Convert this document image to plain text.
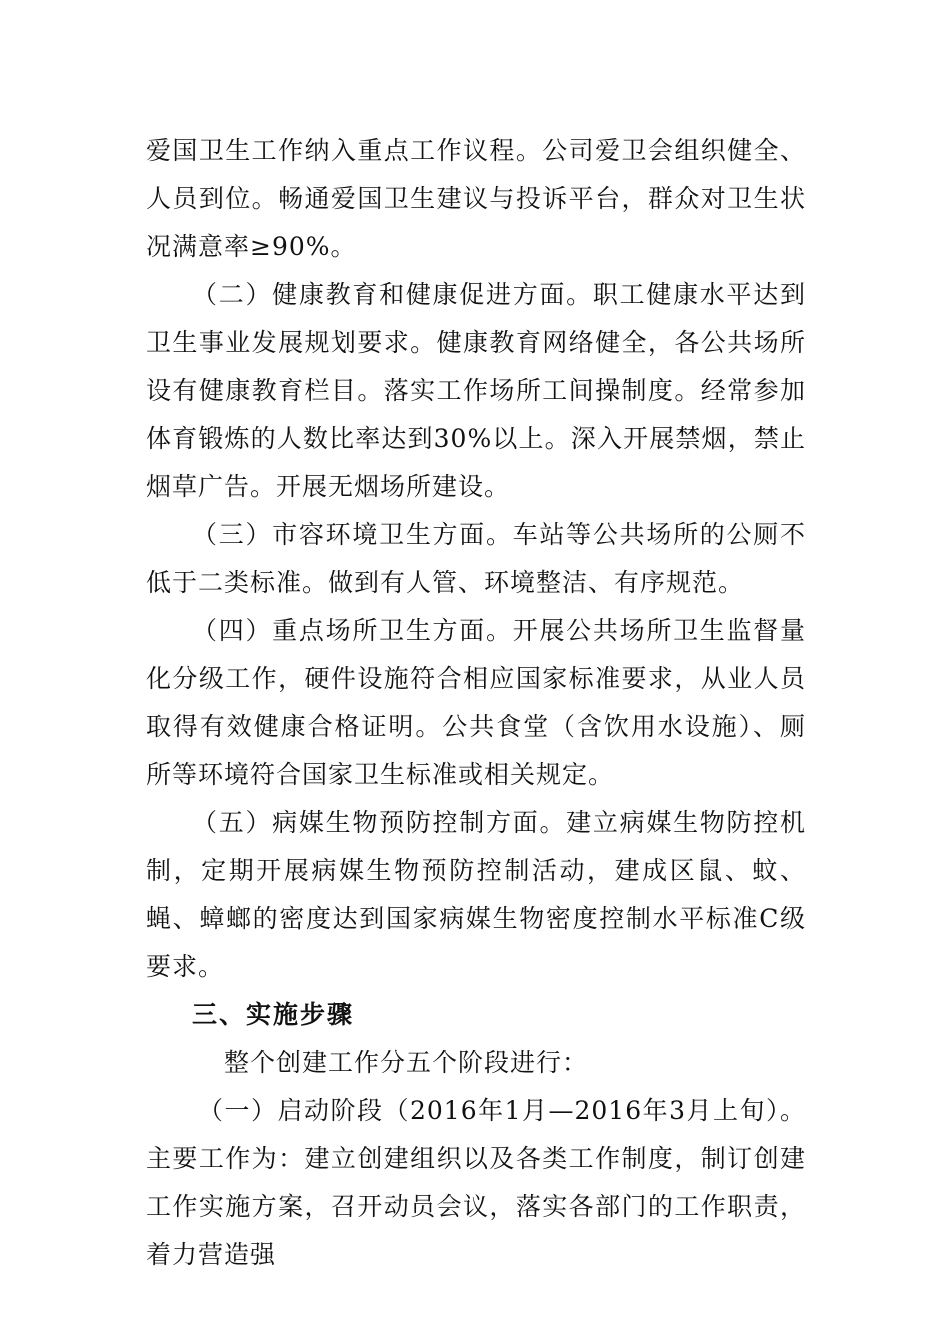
爱国卫生工作纳入重点工作议程。公司爱卫会组织健全、人员到位。畅通爱国卫生建议与投诉平台，群众对卫生状况满意率≥90%。

（二）健康教育和健康促进方面。职工健康水平达到卫生事业发展规划要求。健康教育网络健全，各公共场所设有健康教育栏目。落实工作场所工间操制度。经常参加体育锻炼的人数比率达到30%以上。深入开展禁烟，禁止烟草广告。开展无烟场所建设。

（三）市容环境卫生方面。车站等公共场所的公厕不低于二类标准。做到有人管、环境整洁、有序规范。

（四）重点场所卫生方面。开展公共场所卫生监督量化分级工作，硬件设施符合相应国家标准要求，从业人员取得有效健康合格证明。公共食堂（含饮用水设施）、厕所等环境符合国家卫生标准或相关规定。

（五）病媒生物预防控制方面。建立病媒生物防控机制，定期开展病媒生物预防控制活动，建成区鼠、蚊、蝇、蟑螂的密度达到国家病媒生物密度控制水平标准C级要求。

三、实施步骤

整个创建工作分五个阶段进行：

（一）启动阶段（2016年1月—2016年3月上旬）。主要工作为：建立创建组织以及各类工作制度，制订创建工作实施方案，召开动员会议，落实各部门的工作职责，着力营造强
